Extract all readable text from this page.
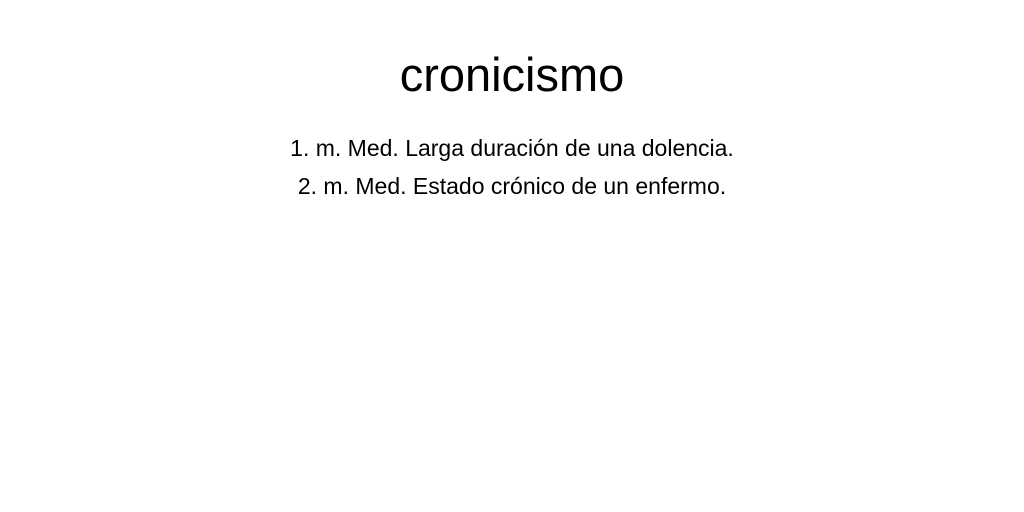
cronicismo
1. m. Med. Larga duración de una dolencia.
2. m. Med. Estado crónico de un enfermo.
